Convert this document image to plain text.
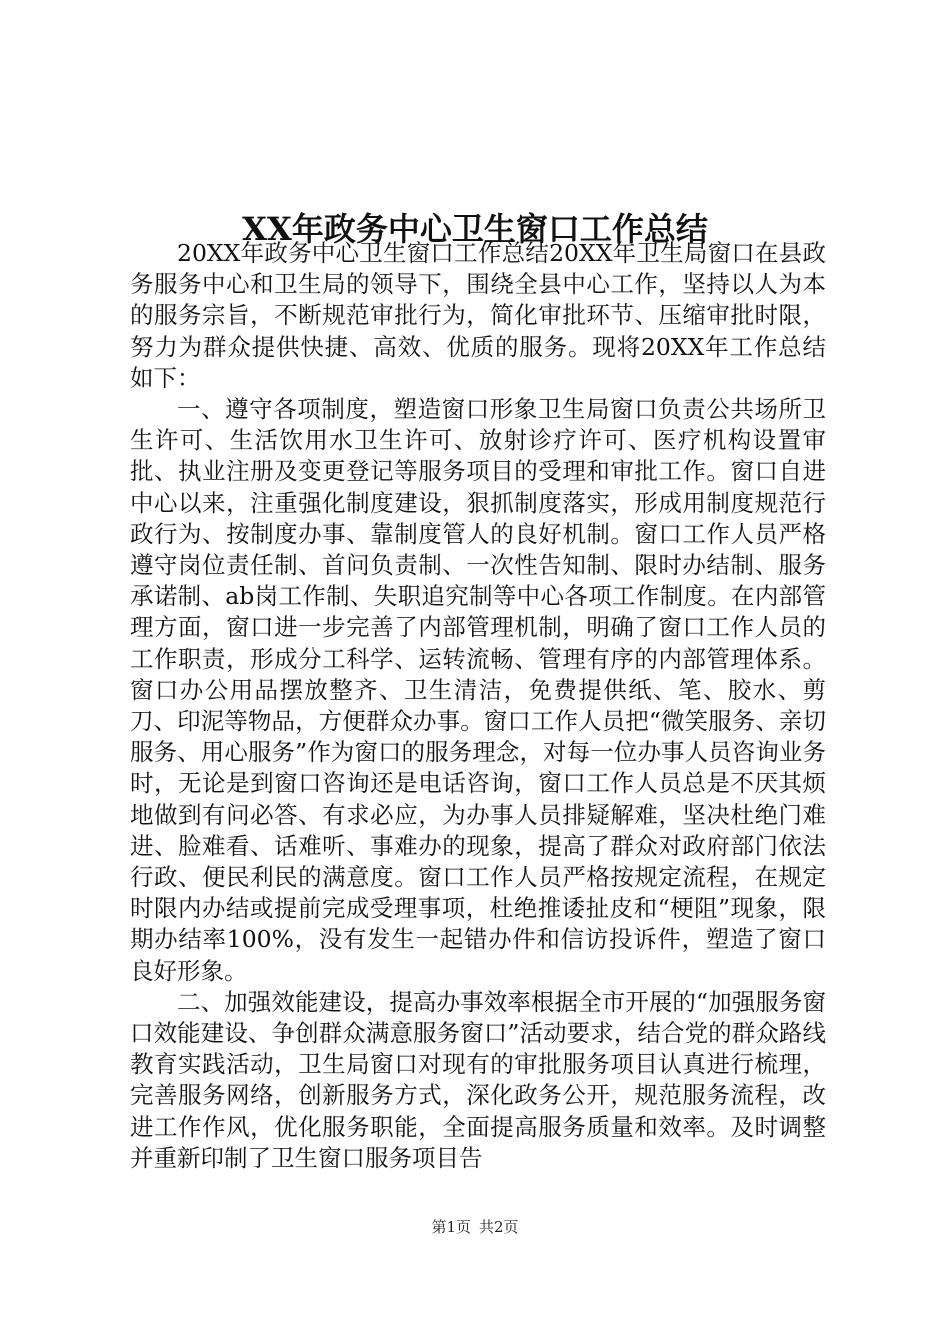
XX年政务中心卫生窗口工作总结

20XX年政务中心卫生窗口工作总结20XX年卫生局窗口在县政务服务中心和卫生局的领导下，围绕全县中心工作，坚持以人为本的服务宗旨，不断规范审批行为，简化审批环节、压缩审批时限，努力为群众提供快捷、高效、优质的服务。现将20XX年工作总结如下：

一、遵守各项制度，塑造窗口形象卫生局窗口负责公共场所卫生许可、生活饮用水卫生许可、放射诊疗许可、医疗机构设置审批、执业注册及变更登记等服务项目的受理和审批工作。窗口自进中心以来，注重强化制度建设，狠抓制度落实，形成用制度规范行政行为、按制度办事、靠制度管人的良好机制。窗口工作人员严格遵守岗位责任制、首问负责制、一次性告知制、限时办结制、服务承诺制、ab岗工作制、失职追究制等中心各项工作制度。在内部管理方面，窗口进一步完善了内部管理机制，明确了窗口工作人员的工作职责，形成分工科学、运转流畅、管理有序的内部管理体系。窗口办公用品摆放整齐、卫生清洁，免费提供纸、笔、胶水、剪刀、印泥等物品，方便群众办事。窗口工作人员把“微笑服务、亲切服务、用心服务”作为窗口的服务理念，对每一位办事人员咨询业务时，无论是到窗口咨询还是电话咨询，窗口工作人员总是不厌其烦地做到有问必答、有求必应，为办事人员排疑解难，坚决杜绝门难进、脸难看、话难听、事难办的现象，提高了群众对政府部门依法行政、便民利民的满意度。窗口工作人员严格按规定流程，在规定时限内办结或提前完成受理事项，杜绝推诿扯皮和“梗阻”现象，限期办结率100%，没有发生一起错办件和信访投诉件，塑造了窗口良好形象。

二、加强效能建设，提高办事效率根据全市开展的“加强服务窗口效能建设、争创群众满意服务窗口”活动要求，结合党的群众路线教育实践活动，卫生局窗口对现有的审批服务项目认真进行梳理，完善服务网络，创新服务方式，深化政务公开，规范服务流程，改进工作作风，优化服务职能，全面提高服务质量和效率。及时调整并重新印制了卫生窗口服务项目告

第1页 共2页
